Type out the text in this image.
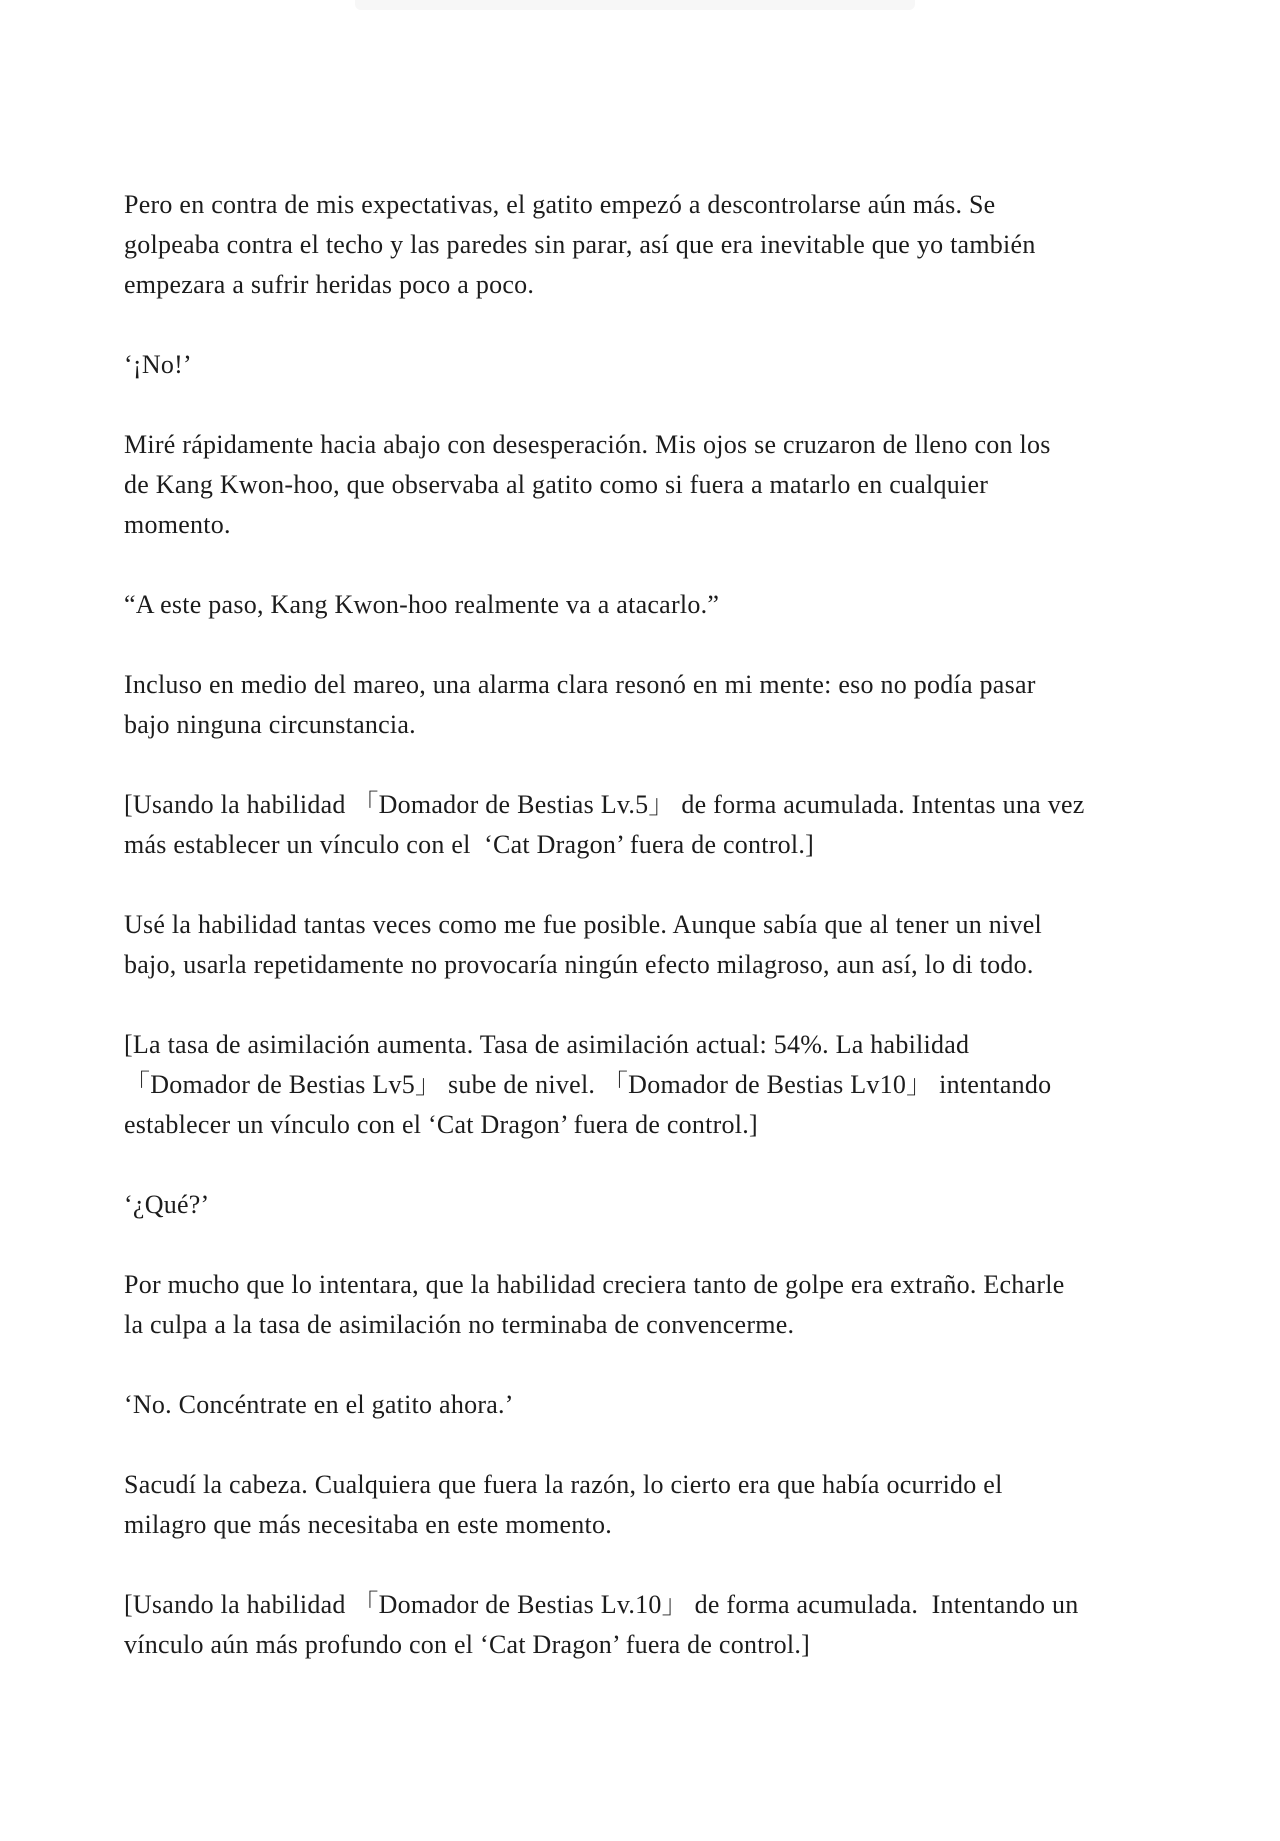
Pero en contra de mis expectativas, el gatito empezó a descontrolarse aún más. Se
golpeaba contra el techo y las paredes sin parar, así que era inevitable que yo también
empezara a sufrir heridas poco a poco.

‘¡No!’

Miré rápidamente hacia abajo con desesperación. Mis ojos se cruzaron de lleno con los
de Kang Kwon-hoo, que observaba al gatito como si fuera a matarlo en cualquier
momento.

“A este paso, Kang Kwon-hoo realmente va a atacarlo.”

Incluso en medio del mareo, una alarma clara resonó en mi mente: eso no podía pasar
bajo ninguna circunstancia.

[Usando la habilidad 「Domador de Bestias Lv.5」 de forma acumulada. Intentas una vez
más establecer un vínculo con el  ‘Cat Dragon’ fuera de control.]

Usé la habilidad tantas veces como me fue posible. Aunque sabía que al tener un nivel
bajo, usarla repetidamente no provocaría ningún efecto milagroso, aun así, lo di todo.

[La tasa de asimilación aumenta. Tasa de asimilación actual: 54%. La habilidad
「Domador de Bestias Lv5」 sube de nivel. 「Domador de Bestias Lv10」 intentando
establecer un vínculo con el ‘Cat Dragon’ fuera de control.]

‘¿Qué?’

Por mucho que lo intentara, que la habilidad creciera tanto de golpe era extraño. Echarle
la culpa a la tasa de asimilación no terminaba de convencerme.

‘No. Concéntrate en el gatito ahora.’

Sacudí la cabeza. Cualquiera que fuera la razón, lo cierto era que había ocurrido el
milagro que más necesitaba en este momento.

[Usando la habilidad 「Domador de Bestias Lv.10」 de forma acumulada.  Intentando un
vínculo aún más profundo con el ‘Cat Dragon’ fuera de control.]
